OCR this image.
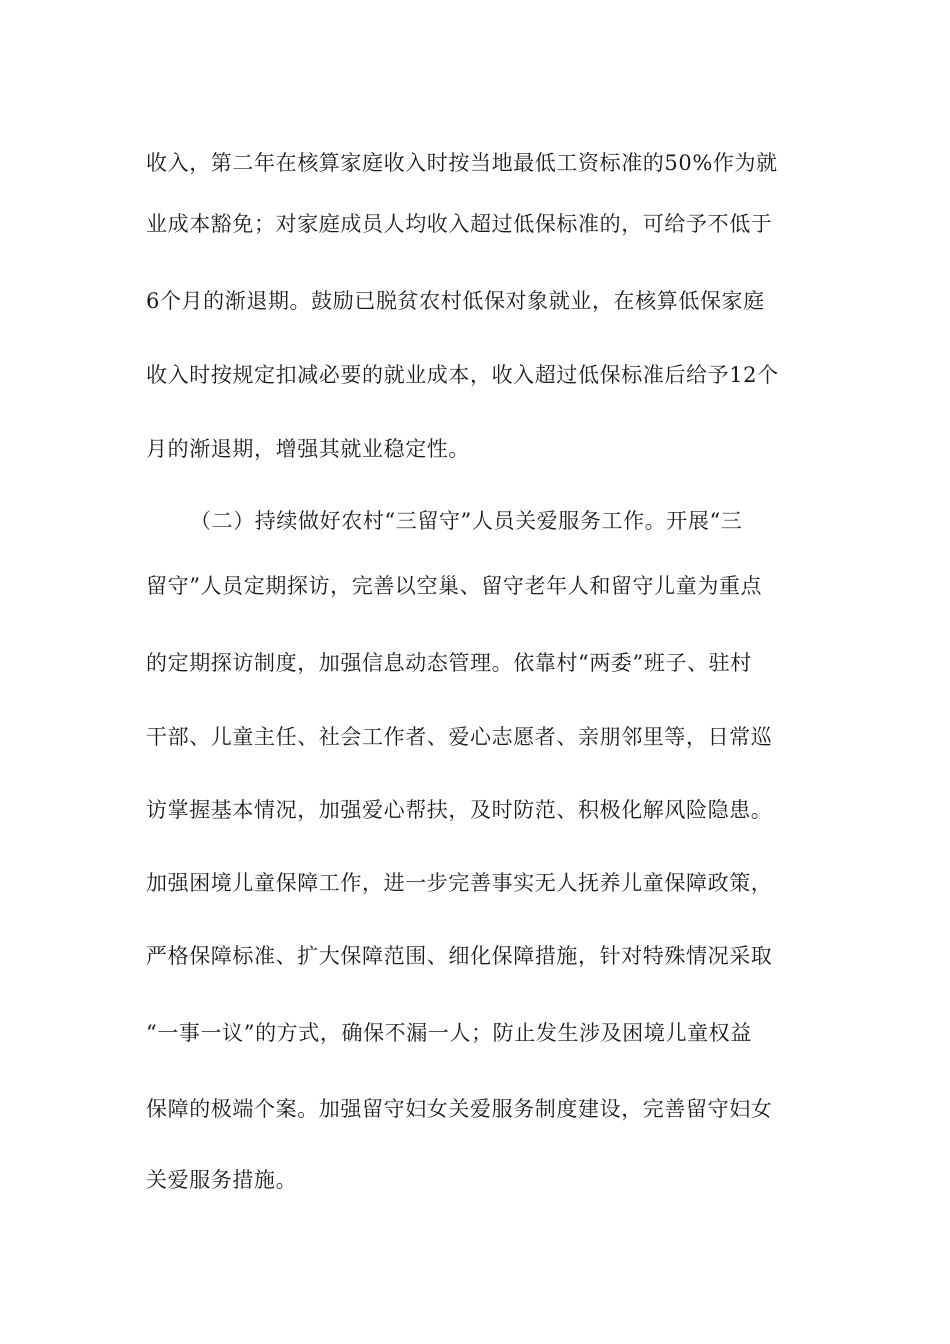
收入，第二年在核算家庭收入时按当地最低工资标准的50%作为就

业成本豁免；对家庭成员人均收入超过低保标准的，可给予不低于

6个月的渐退期。鼓励已脱贫农村低保对象就业，在核算低保家庭

收入时按规定扣减必要的就业成本，收入超过低保标准后给予12个

月的渐退期，增强其就业稳定性。

（二）持续做好农村“三留守”人员关爱服务工作。开展“三

留守”人员定期探访，完善以空巢、留守老年人和留守儿童为重点

的定期探访制度，加强信息动态管理。依靠村“两委”班子、驻村

干部、儿童主任、社会工作者、爱心志愿者、亲朋邻里等，日常巡

访掌握基本情况，加强爱心帮扶，及时防范、积极化解风险隐患。

加强困境儿童保障工作，进一步完善事实无人抚养儿童保障政策，

严格保障标准、扩大保障范围、细化保障措施，针对特殊情况采取

“一事一议”的方式，确保不漏一人；防止发生涉及困境儿童权益

保障的极端个案。加强留守妇女关爱服务制度建设，完善留守妇女

关爱服务措施。
